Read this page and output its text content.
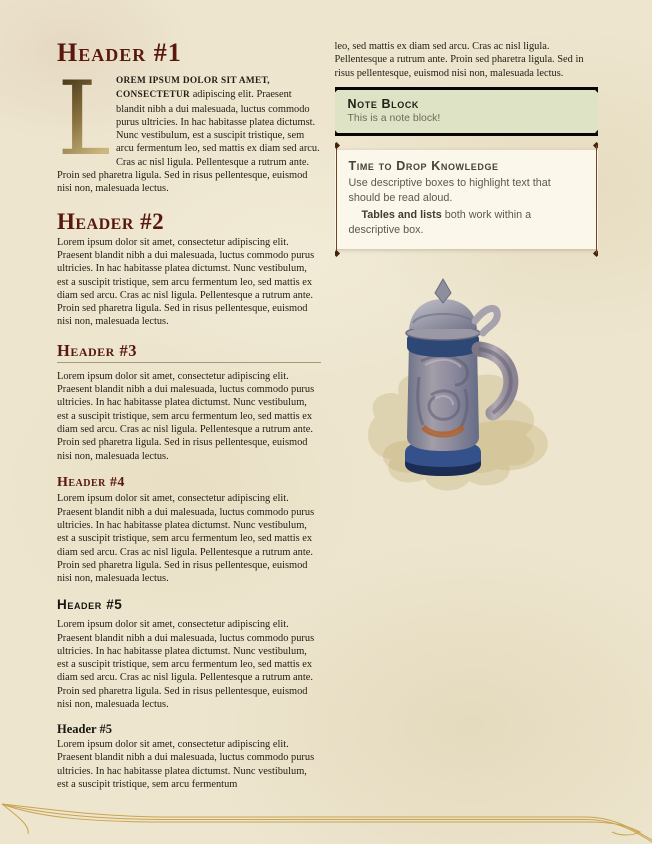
Header #1

L
OREM IPSUM DOLOR SIT AMET, CONSECTETUR adipiscing elit. Praesent blandit nibh a dui malesuada, luctus commodo purus ultricies. In hac habitasse platea dictumst. Nunc vestibulum, est a suscipit tristique, sem arcu fermentum leo, sed mattis ex diam sed arcu. Cras ac nisl ligula. Pellentesque a rutrum ante. Proin sed pharetra ligula. Sed in risus pellentesque, euismod nisi non, malesuada lectus.

Header #2

Lorem ipsum dolor sit amet, consectetur adipiscing elit. Praesent blandit nibh a dui malesuada, luctus commodo purus ultricies. In hac habitasse platea dictumst. Nunc vestibulum, est a suscipit tristique, sem arcu fermentum leo, sed mattis ex diam sed arcu. Cras ac nisl ligula. Pellentesque a rutrum ante. Proin sed pharetra ligula. Sed in risus pellentesque, euismod nisi non, malesuada lectus.

Header #3

Lorem ipsum dolor sit amet, consectetur adipiscing elit. Praesent blandit nibh a dui malesuada, luctus commodo purus ultricies. In hac habitasse platea dictumst. Nunc vestibulum, est a suscipit tristique, sem arcu fermentum leo, sed mattis ex diam sed arcu. Cras ac nisl ligula. Pellentesque a rutrum ante. Proin sed pharetra ligula. Sed in risus pellentesque, euismod nisi non, malesuada lectus.

Header #4

Lorem ipsum dolor sit amet, consectetur adipiscing elit. Praesent blandit nibh a dui malesuada, luctus commodo purus ultricies. In hac habitasse platea dictumst. Nunc vestibulum, est a suscipit tristique, sem arcu fermentum leo, sed mattis ex diam sed arcu. Cras ac nisl ligula. Pellentesque a rutrum ante. Proin sed pharetra ligula. Sed in risus pellentesque, euismod nisi non, malesuada lectus.

Header #5

Lorem ipsum dolor sit amet, consectetur adipiscing elit. Praesent blandit nibh a dui malesuada, luctus commodo purus ultricies. In hac habitasse platea dictumst. Nunc vestibulum, est a suscipit tristique, sem arcu fermentum leo, sed mattis ex diam sed arcu. Cras ac nisl ligula. Pellentesque a rutrum ante. Proin sed pharetra ligula. Sed in risus pellentesque, euismod nisi non, malesuada lectus.

Header #5

Lorem ipsum dolor sit amet, consectetur adipiscing elit. Praesent blandit nibh a dui malesuada, luctus commodo purus ultricies. In hac habitasse platea dictumst. Nunc vestibulum, est a suscipit tristique, sem arcu fermentum

leo, sed mattis ex diam sed arcu. Cras ac nisl ligula. Pellentesque a rutrum ante. Proin sed pharetra ligula. Sed in risus pellentesque, euismod nisi non, malesuada lectus.

Note Block

This is a note block!

Time to Drop Knowledge

Use descriptive boxes to highlight text that should be read aloud.

Tables and lists both work within a descriptive box.
